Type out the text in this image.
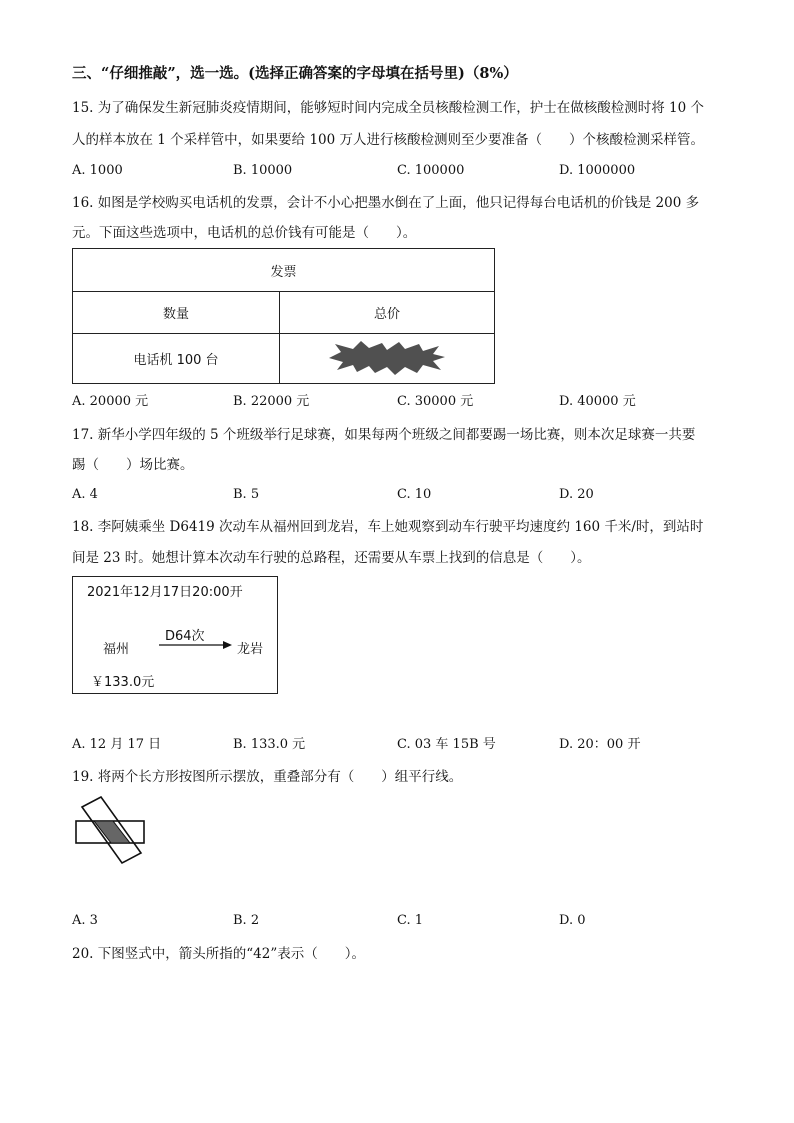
三、“仔细推敲”，选一选。(选择正确答案的字母填在括号里)（8%）
15. 为了确保发生新冠肺炎疫情期间，能够短时间内完成全员核酸检测工作，护士在做核酸检测时将 10 个
人的样本放在 1 个采样管中，如果要给 100 万人进行核酸检测则至少要准备（　　）个核酸检测采样管。
A. 1000	B. 10000	C. 100000	D. 1000000
16. 如图是学校购买电话机的发票，会计不小心把墨水倒在了上面，他只记得每台电话机的价钱是 200 多
元。下面这些选项中，电话机的总价钱有可能是（　　）。
发票
数量	总价
电话机 100 台
A. 20000 元	B. 22000 元	C. 30000 元	D. 40000 元
17. 新华小学四年级的 5 个班级举行足球赛，如果每两个班级之间都要踢一场比赛，则本次足球赛一共要
踢（　　）场比赛。
A. 4	B. 5	C. 10	D. 20
18. 李阿姨乘坐 D6419 次动车从福州回到龙岩，车上她观察到动车行驶平均速度约 160 千米/时，到站时
间是 23 时。她想计算本次动车行驶的总路程，还需要从车票上找到的信息是（　　）。
2021年12月17日20:00开
福州
D64次
龙岩
￥133.0元
A. 12 月 17 日	B. 133.0 元	C. 03 车 15B 号	D. 20：00 开
19. 将两个长方形按图所示摆放，重叠部分有（　　）组平行线。
A. 3	B. 2	C. 1	D. 0
20. 下图竖式中，箭头所指的“42”表示（　　）。
